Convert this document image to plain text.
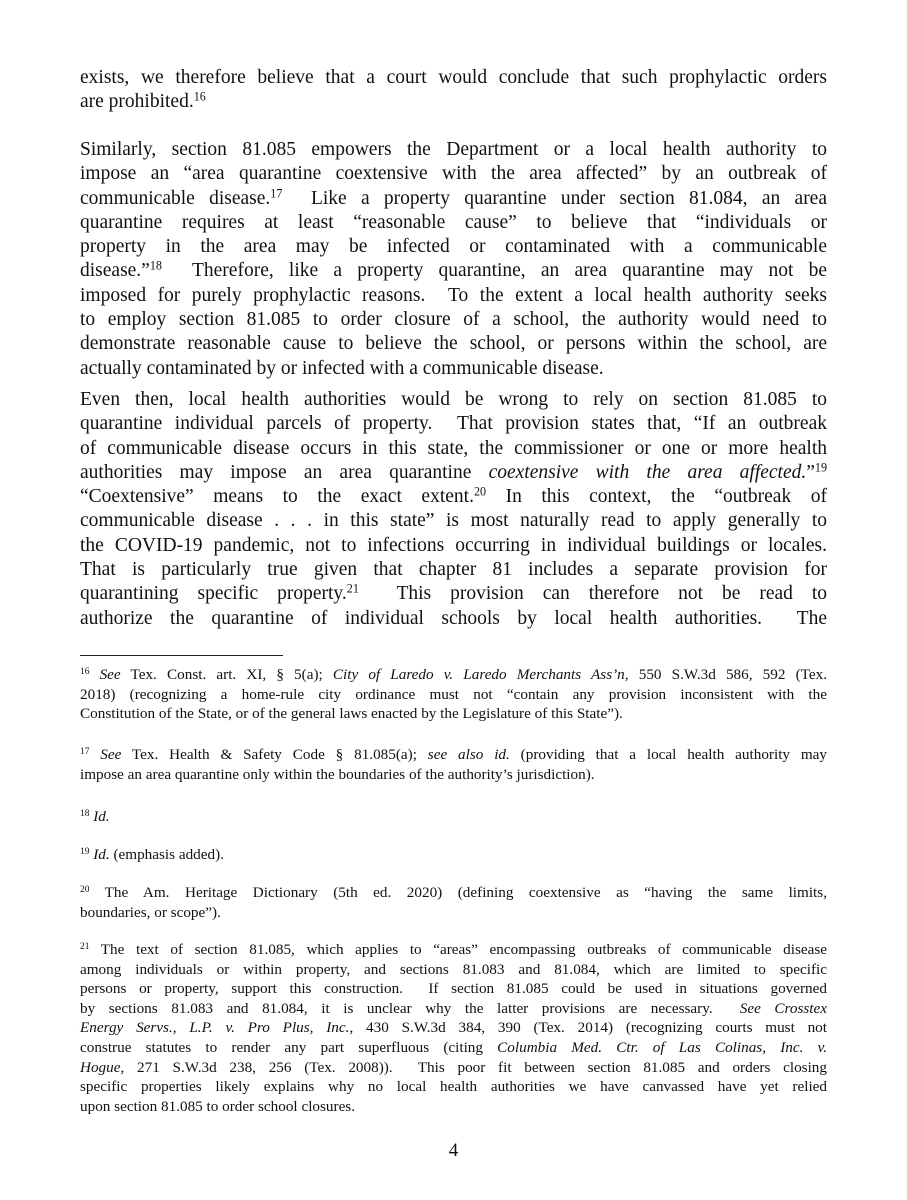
exists, we therefore believe that a court would conclude that such prophylactic orders
are prohibited.$^{16}$
Similarly, section 81.085 empowers the Department or a local health authority to
impose an “area quarantine coextensive with the area affected” by an outbreak of
communicable disease.$^{17}$  Like a property quarantine under section 81.084, an area
quarantine requires at least “reasonable cause” to believe that “individuals or
property in the area may be infected or contaminated with a communicable
disease.”$^{18}$  Therefore, like a property quarantine, an area quarantine may not be
imposed for purely prophylactic reasons.  To the extent a local health authority seeks
to employ section 81.085 to order closure of a school, the authority would need to
demonstrate reasonable cause to believe the school, or persons within the school, are
actually contaminated by or infected with a communicable disease.
Even then, local health authorities would be wrong to rely on section 81.085 to
quarantine individual parcels of property.  That provision states that, “If an outbreak
of communicable disease occurs in this state, the commissioner or one or more health
authorities may impose an area quarantine coextensive with the area affected.”$^{19}$
“Coextensive” means to the exact extent.$^{20}$ In this context, the “outbreak of
communicable disease . . . in this state” is most naturally read to apply generally to
the COVID-19 pandemic, not to infections occurring in individual buildings or locales.
That is particularly true given that chapter 81 includes a separate provision for
quarantining specific property.$^{21}$  This provision can therefore not be read to
authorize the quarantine of individual schools by local health authorities.  The
$^{16}$ See Tex. Const. art. XI, § 5(a); City of Laredo v. Laredo Merchants Ass’n, 550 S.W.3d 586, 592 (Tex.
2018) (recognizing a home-rule city ordinance must not “contain any provision inconsistent with the
Constitution of the State, or of the general laws enacted by the Legislature of this State”).
$^{17}$ See Tex. Health & Safety Code § 81.085(a); see also id. (providing that a local health authority may
impose an area quarantine only within the boundaries of the authority’s jurisdiction).
$^{18}$ Id.
$^{19}$ Id. (emphasis added).
$^{20}$ The Am. Heritage Dictionary (5th ed. 2020) (defining coextensive as “having the same limits,
boundaries, or scope”).
$^{21}$ The text of section 81.085, which applies to “areas” encompassing outbreaks of communicable disease
among individuals or within property, and sections 81.083 and 81.084, which are limited to specific
persons or property, support this construction.  If section 81.085 could be used in situations governed
by sections 81.083 and 81.084, it is unclear why the latter provisions are necessary.  See Crosstex
Energy Servs., L.P. v. Pro Plus, Inc., 430 S.W.3d 384, 390 (Tex. 2014) (recognizing courts must not
construe statutes to render any part superfluous (citing Columbia Med. Ctr. of Las Colinas, Inc. v.
Hogue, 271 S.W.3d 238, 256 (Tex. 2008)).  This poor fit between section 81.085 and orders closing
specific properties likely explains why no local health authorities we have canvassed have yet relied
upon section 81.085 to order school closures.
4
